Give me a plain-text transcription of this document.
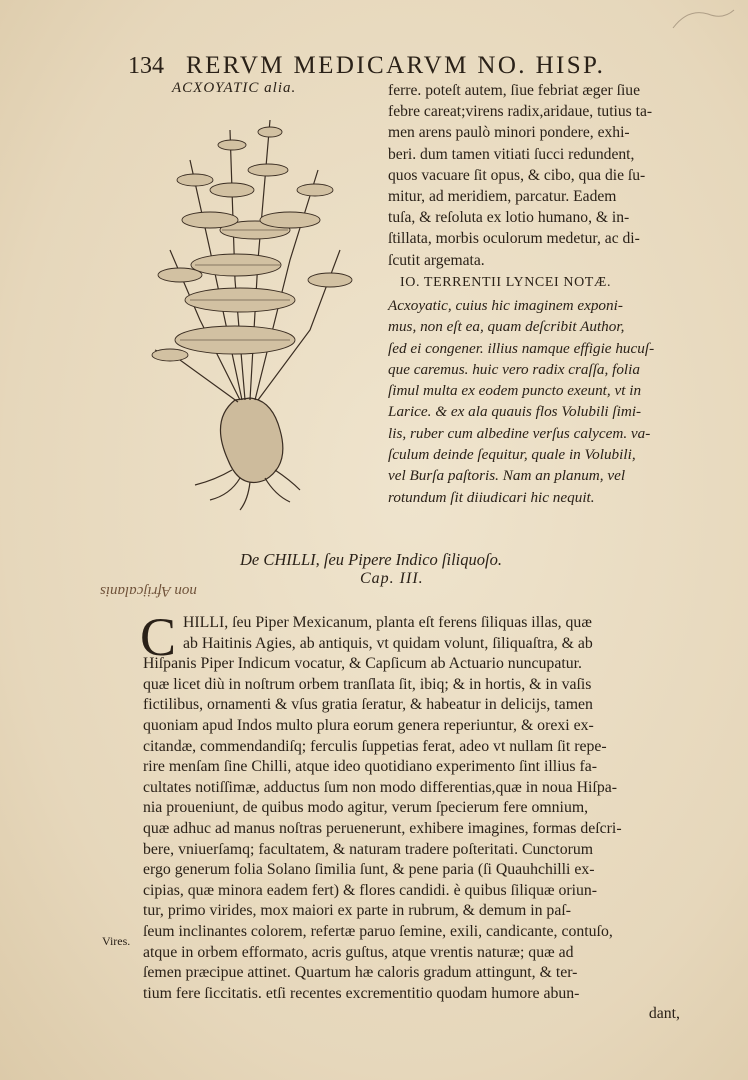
134 RERVM MEDICARVM NO. HISP.
ACXOYATIC alia.	ferre. poteſt autem, ſiue febriat æger ſiue
febre careat;virens radix,aridaue, tutius ta-
men arens paulò minori pondere, exhi-
beri. dum tamen vitiati ſucci redundent,
quos vacuare ſit opus, & cibo, qua die ſu-
mitur, ad meridiem, parcatur. Eadem
tuſa, & reſoluta ex lotio humano, & in-
ſtillata, morbis oculorum medetur, ac di-
ſcutit argemata.
IO. TERRENTII LYNCEI NOTÆ.
Acxoyatic, cuius hic imaginem exponi-
mus, non eſt ea, quam deſcribit Author,
ſed ei congener. illius namque effigie hucuſ-
que caremus. huic vero radix craſſa, folia
ſimul multa ex eodem puncto exeunt, vt in
Larice. & ex ala quauis flos Volubili ſimi-
lis, ruber cum albedine verſus calycem. va-
ſculum deinde ſequitur, quale in Volubili,
vel Burſa paſtoris. Nam an planum, vel
rotundum ſit diiudicari hic nequit.
De CHILLI, ſeu Pipere Indico ſiliquoſo.
Cap. III.
non Afrijcalanis
C HILLI, ſeu Piper Mexicanum, planta eſt ferens ſiliquas illas, quæ
ab Haitinis Agies, ab antiquis, vt quidam volunt, ſiliquaſtra, & ab
Hiſpanis Piper Indicum vocatur, & Capſicum ab Actuario nuncupatur.
quæ licet diù in noſtrum orbem tranſlata ſit, ibiq; & in hortis, & in vaſis
fictilibus, ornamenti & vſus gratia ſeratur, & habeatur in delicijs, tamen
quoniam apud Indos multo plura eorum genera reperiuntur, & orexi ex-
citandæ, commendandiſq; ferculis ſuppetias ferat, adeo vt nullam ſit repe-
rire menſam ſine Chilli, atque ideo quotidiano experimento ſint illius fa-
cultates notiſſimæ, adductus ſum non modo differentias,quæ in noua Hiſpa-
nia proueniunt, de quibus modo agitur, verum ſpecierum fere omnium,
quæ adhuc ad manus noſtras peruenerunt, exhibere imagines, formas deſcri-
bere, vniuerſamq; facultatem, & naturam tradere poſteritati. Cunctorum
ergo generum folia Solano ſimilia ſunt, & pene paria (ſi Quauhchilli ex-
cipias, quæ minora eadem fert) & flores candidi. è quibus ſiliquæ oriun-
tur, primo virides, mox maiori ex parte in rubrum, & demum in paſ-
ſeum inclinantes colorem, refertæ paruo ſemine, exili, candicante, contuſo,
atque in orbem efformato, acris guſtus, atque vrentis naturæ; quæ ad
ſemen præcipue attinet. Quartum hæ caloris gradum attingunt, & ter-
tium fere ſiccitatis. etſi recentes excrementitio quodam humore abun-
dant,
Vires.
